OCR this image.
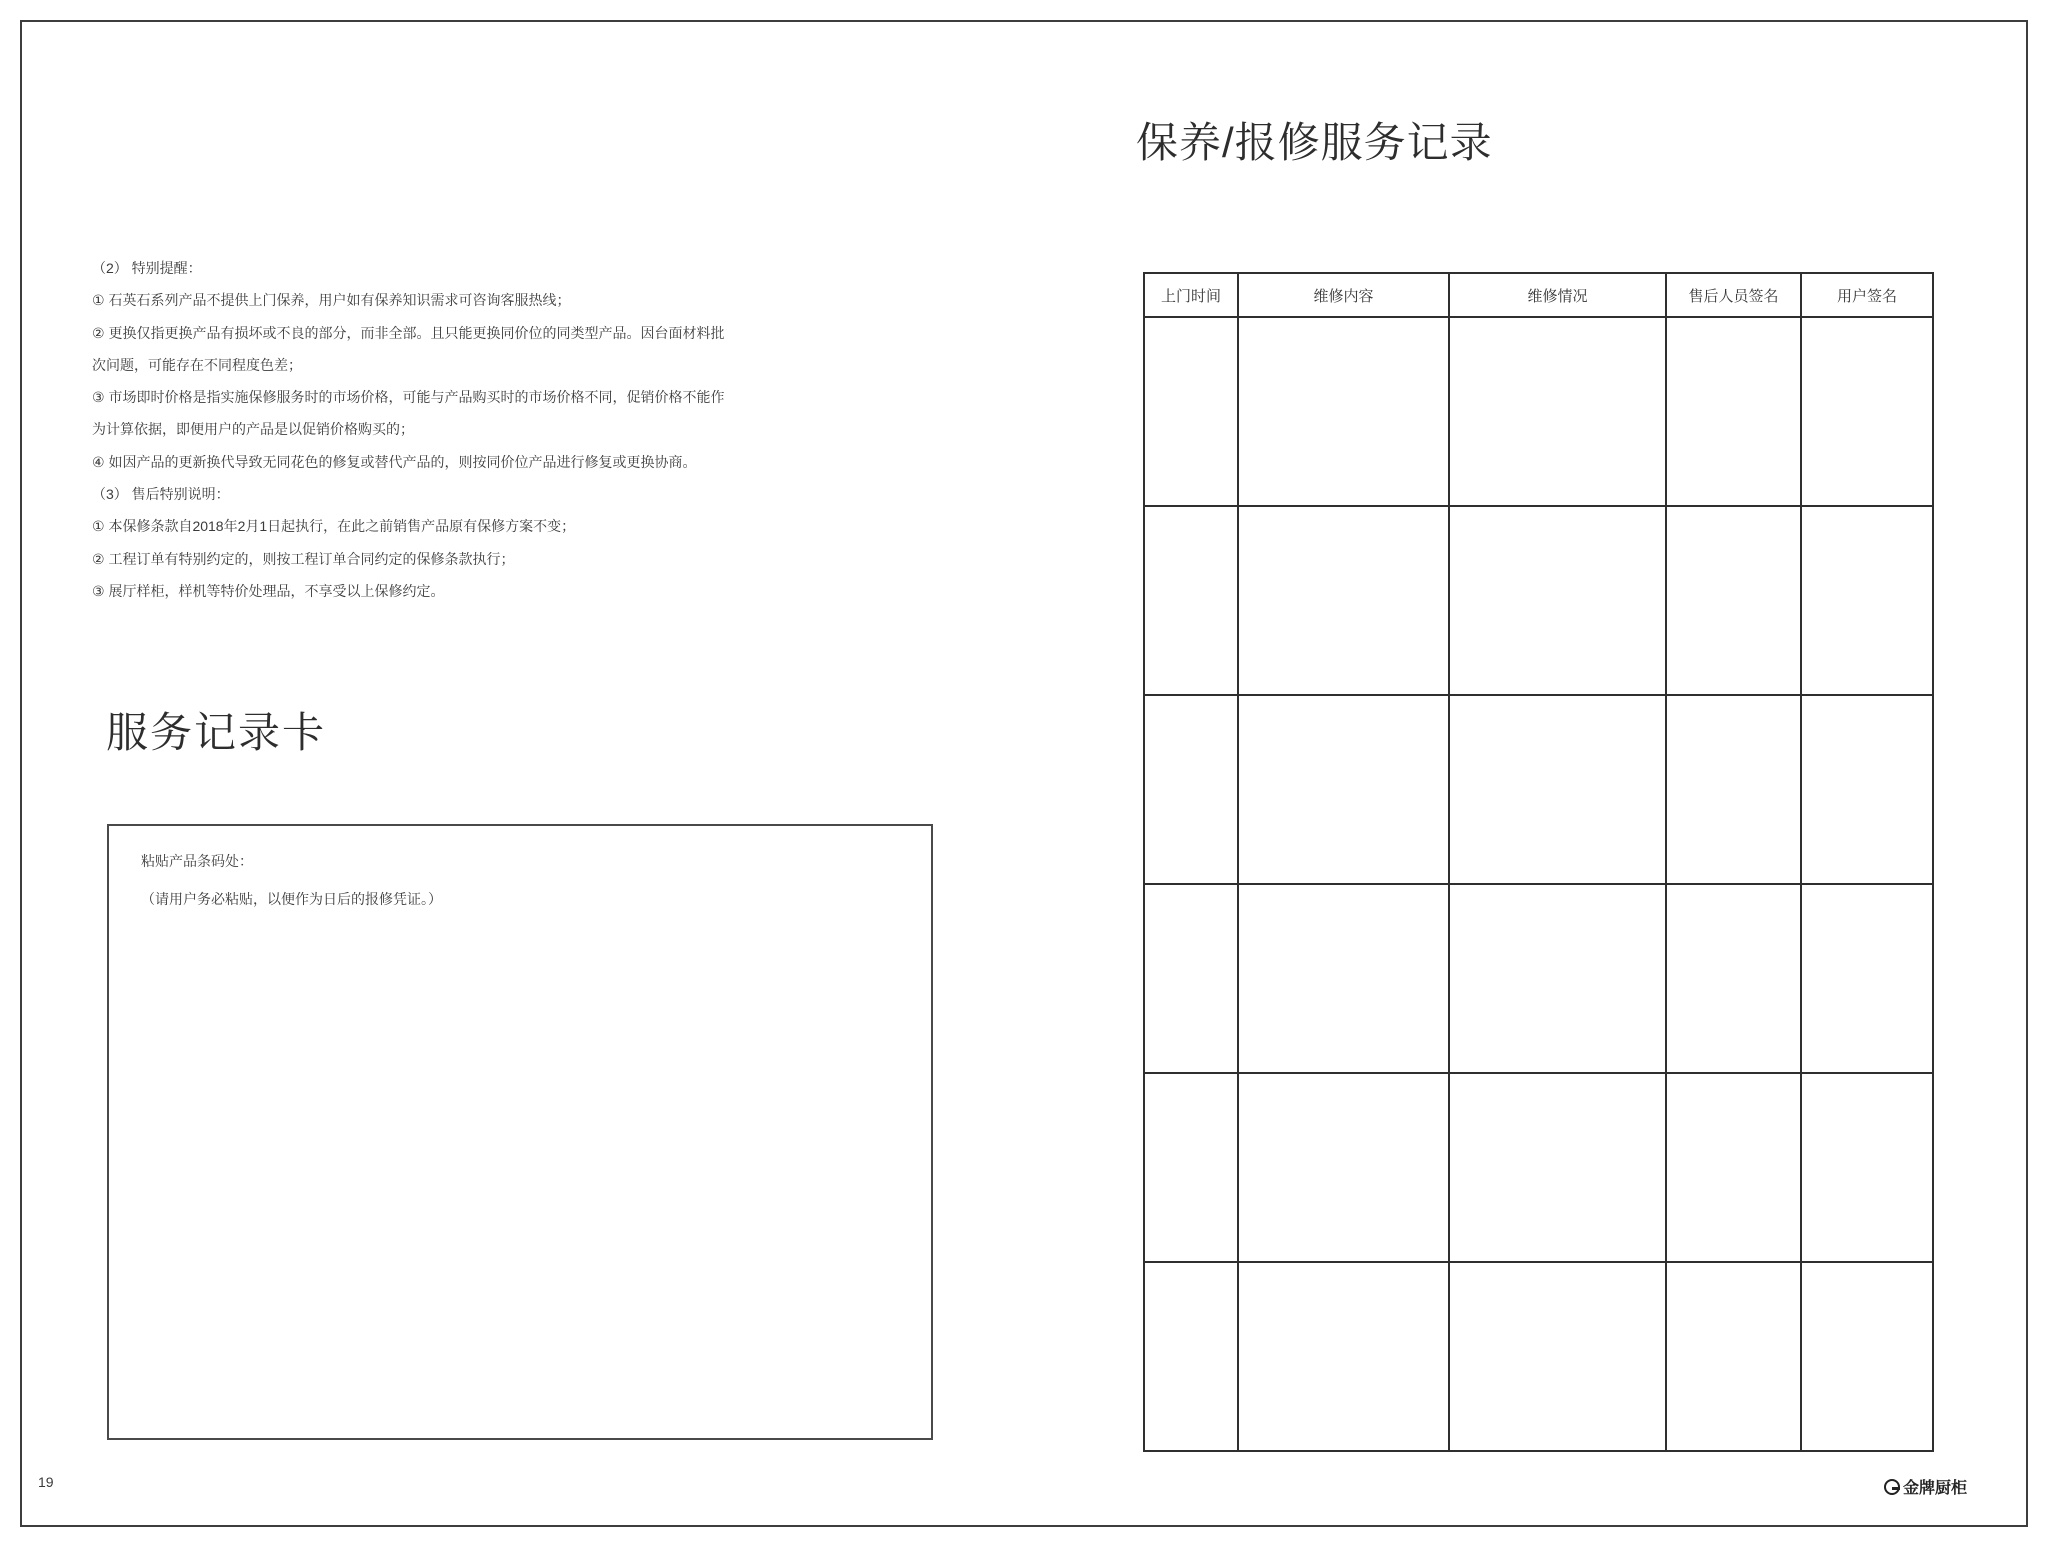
（2） 特别提醒：
① 石英石系列产品不提供上门保养，用户如有保养知识需求可咨询客服热线；
② 更换仅指更换产品有损坏或不良的部分，而非全部。且只能更换同价位的同类型产品。因台面材料批
次问题，可能存在不同程度色差；
③ 市场即时价格是指实施保修服务时的市场价格，可能与产品购买时的市场价格不同，促销价格不能作
为计算依据，即便用户的产品是以促销价格购买的；
④ 如因产品的更新换代导致无同花色的修复或替代产品的，则按同价位产品进行修复或更换协商。
（3） 售后特别说明：
① 本保修条款自2018年2月1日起执行，在此之前销售产品原有保修方案不变；
② 工程订单有特别约定的，则按工程订单合同约定的保修条款执行；
③ 展厅样柜，样机等特价处理品，不享受以上保修约定。
服务记录卡
粘贴产品条码处：
（请用户务必粘贴，以便作为日后的报修凭证。）
保养/报修服务记录
上门时间	维修内容	维修情况	售后人员签名	用户签名

19	金牌厨柜
